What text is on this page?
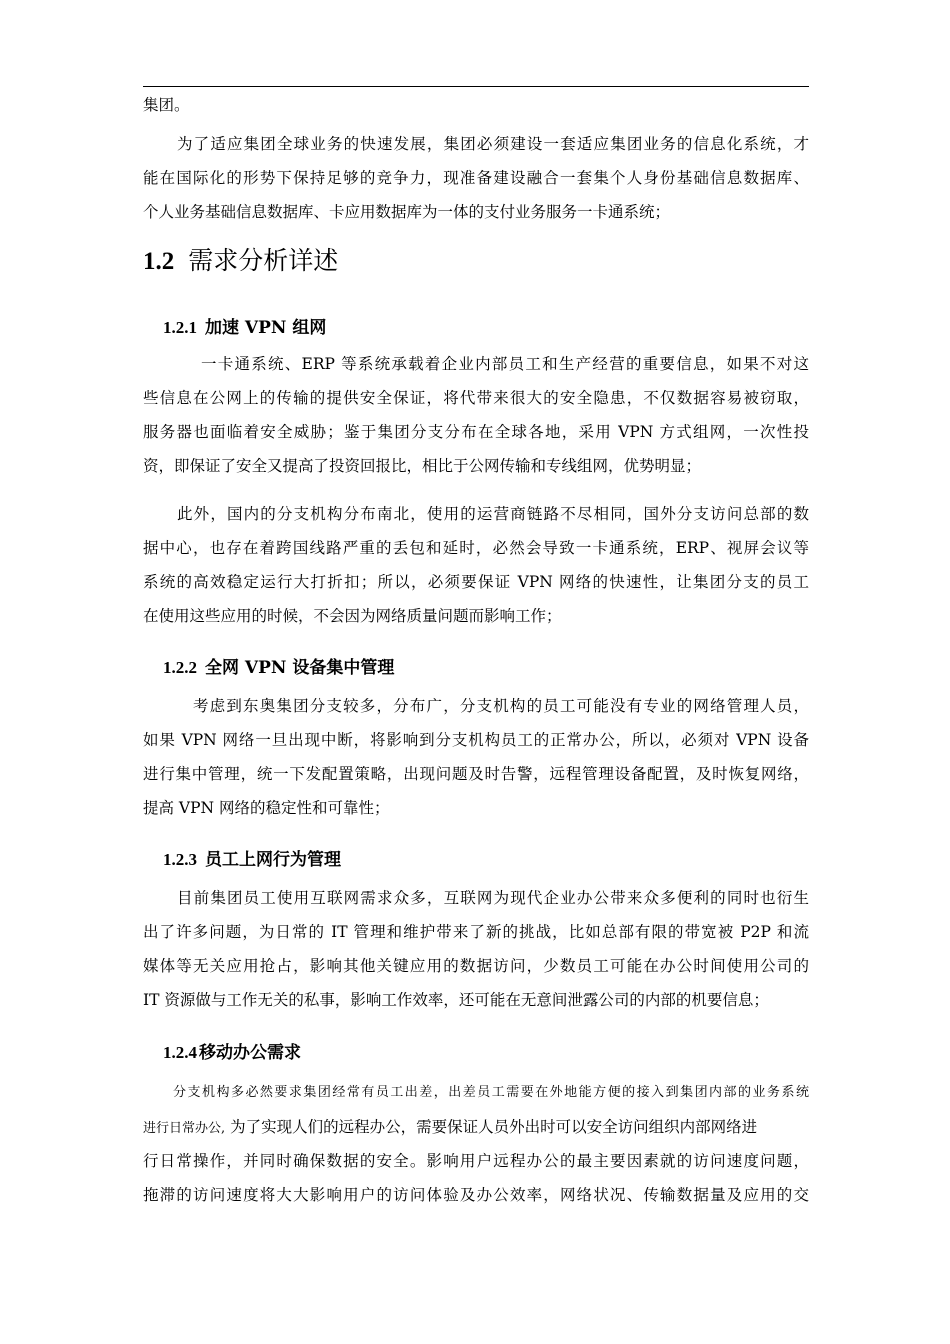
集团。

为了适应集团全球业务的快速发展，集团必须建设一套适应集团业务的信息化系统，才
能在国际化的形势下保持足够的竞争力，现准备建设融合一套集个人身份基础信息数据库、
个人业务基础信息数据库、卡应用数据库为一体的支付业务服务一卡通系统；

1.2 需求分析详述
1.2.1 加速 VPN 组网

一卡通系统、ERP 等系统承载着企业内部员工和生产经营的重要信息，如果不对这
些信息在公网上的传输的提供安全保证，将代带来很大的安全隐患，不仅数据容易被窃取，
服务器也面临着安全威胁；鉴于集团分支分布在全球各地，采用 VPN 方式组网，一次性投
资，即保证了安全又提高了投资回报比，相比于公网传输和专线组网，优势明显；

此外，国内的分支机构分布南北，使用的运营商链路不尽相同，国外分支访问总部的数
据中心，也存在着跨国线路严重的丢包和延时，必然会导致一卡通系统，ERP、视屏会议等
系统的高效稳定运行大打折扣；所以，必须要保证 VPN 网络的快速性，让集团分支的员工
在使用这些应用的时候，不会因为网络质量问题而影响工作；

1.2.2 全网 VPN 设备集中管理

考虑到东奥集团分支较多，分布广，分支机构的员工可能没有专业的网络管理人员，
如果 VPN 网络一旦出现中断，将影响到分支机构员工的正常办公，所以，必须对 VPN 设备
进行集中管理，统一下发配置策略，出现问题及时告警，远程管理设备配置，及时恢复网络，
提高 VPN 网络的稳定性和可靠性；

1.2.3 员工上网行为管理

目前集团员工使用互联网需求众多，互联网为现代企业办公带来众多便利的同时也衍生
出了许多问题，为日常的 IT 管理和维护带来了新的挑战，比如总部有限的带宽被 P2P 和流
媒体等无关应用抢占，影响其他关键应用的数据访问，少数员工可能在办公时间使用公司的
IT 资源做与工作无关的私事，影响工作效率，还可能在无意间泄露公司的内部的机要信息；

1.2.4 移动办公需求

分支机构多必然要求集团经常有员工出差，出差员工需要在外地能方便的接入到集团内部的业务系统
进行日常办公, 为了实现人们的远程办公，需要保证人员外出时可以安全访问组织内部网络进
行日常操作，并同时确保数据的安全。影响用户远程办公的最主要因素就的访问速度问题，
拖滞的访问速度将大大影响用户的访问体验及办公效率，网络状况、传输数据量及应用的交
